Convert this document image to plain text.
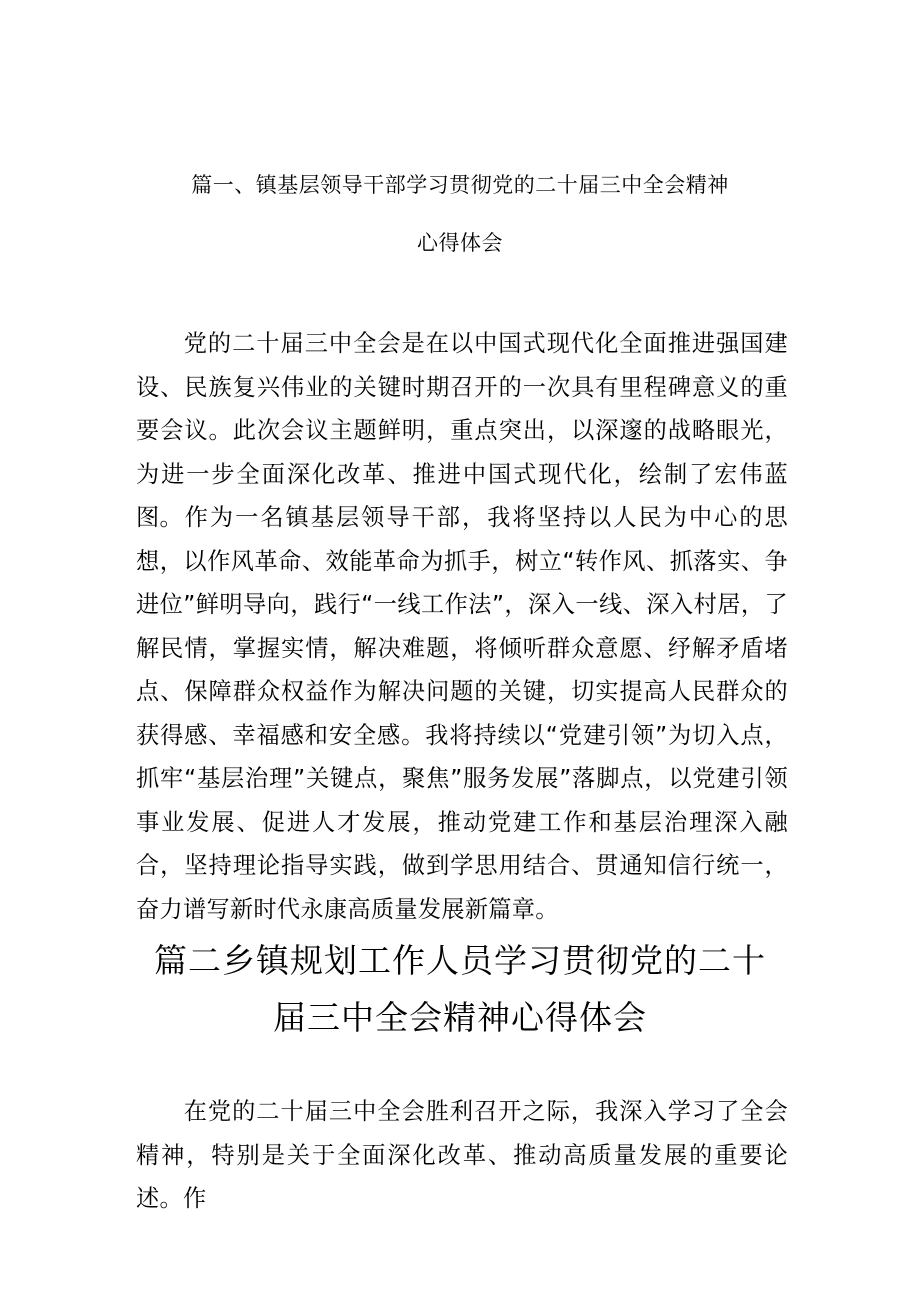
篇一、镇基层领导干部学习贯彻党的二十届三中全会精神
心得体会

党的二十届三中全会是在以中国式现代化全面推进强国建设、民族复兴伟业的关键时期召开的一次具有里程碑意义的重要会议。此次会议主题鲜明，重点突出，以深邃的战略眼光，为进一步全面深化改革、推进中国式现代化，绘制了宏伟蓝图。 作为一名镇基层领导干部，我将坚持以人民为中心的思想，以作风革命、效能革命为抓手，树立“转作风、抓落实、争进位”鲜明导向，践行“一线工作法”，深入一线、深入村居，了解民情，掌握实情，解决难题，将倾听群众意愿、纾解矛盾堵点、保障群众权益作为解决问题的关键，切实提高人民群众的获得感、幸福感和安全感。我将持续以“党建引领”为切入点，抓牢“基层治理”关键点，聚焦”服务发展”落脚点，以党建引领事业发展、促进人才发展，推动党建工作和基层治理深入融合，坚持理论指导实践，做到学思用结合、贯通知信行统一，奋力谱写新时代永康高质量发展新篇章。

篇二乡镇规划工作人员学习贯彻党的二十
届三中全会精神心得体会

在党的二十届三中全会胜利召开之际，我深入学习了全会精神，特别是关于全面深化改革、推动高质量发展的重要论述。作
